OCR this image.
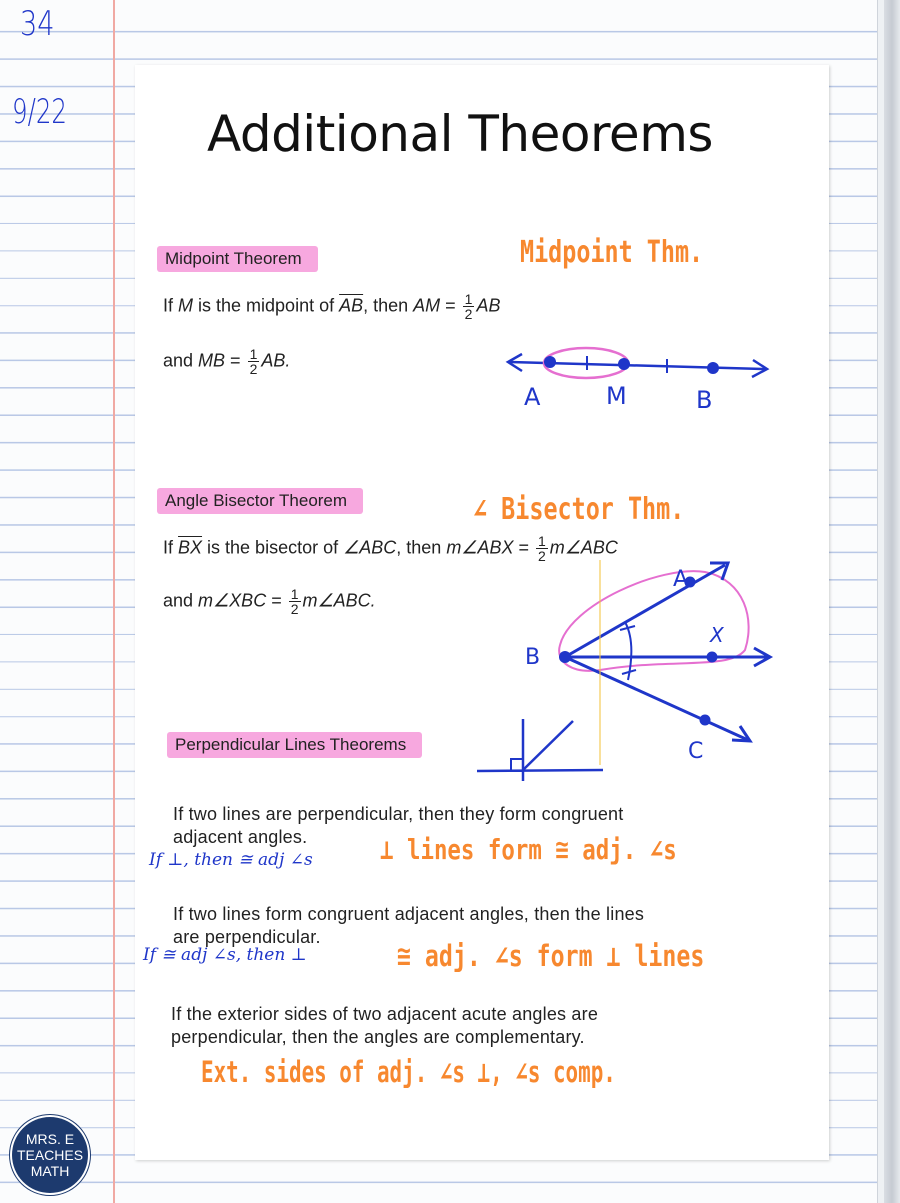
34
9/22	Additional Theorems
Midpoint Theorem	Midpoint Thm.
If M is the midpoint of $\overline{AB}$, then AM = $\frac{1}{2}$ AB
and MB = $\frac{1}{2}$ AB.
A	M	B
Angle Bisector Theorem	∠ Bisector Thm.
If $\overline{BX}$ is the bisector of ∠ABC, then m∠ABX = $\frac{1}{2}$ m∠ABC
and m∠XBC = $\frac{1}{2}$ m∠ABC.
A
X
B
C
Perpendicular Lines Theorems
If two lines are perpendicular, then they form congruent
adjacent angles.
If ⊥, then ≅ adj ∠s ⊥ lines form ≅ adj. ∠s
If two lines form congruent adjacent angles, then the lines
are perpendicular.
If ≅ adj ∠s, then ⊥	≅ adj. ∠s form ⊥ lines
If the exterior sides of two adjacent acute angles are
perpendicular, then the angles are complementary.
Ext. sides of adj. ∠s ⊥, ∠s comp.
MRS. E
TEACHES
MATH
